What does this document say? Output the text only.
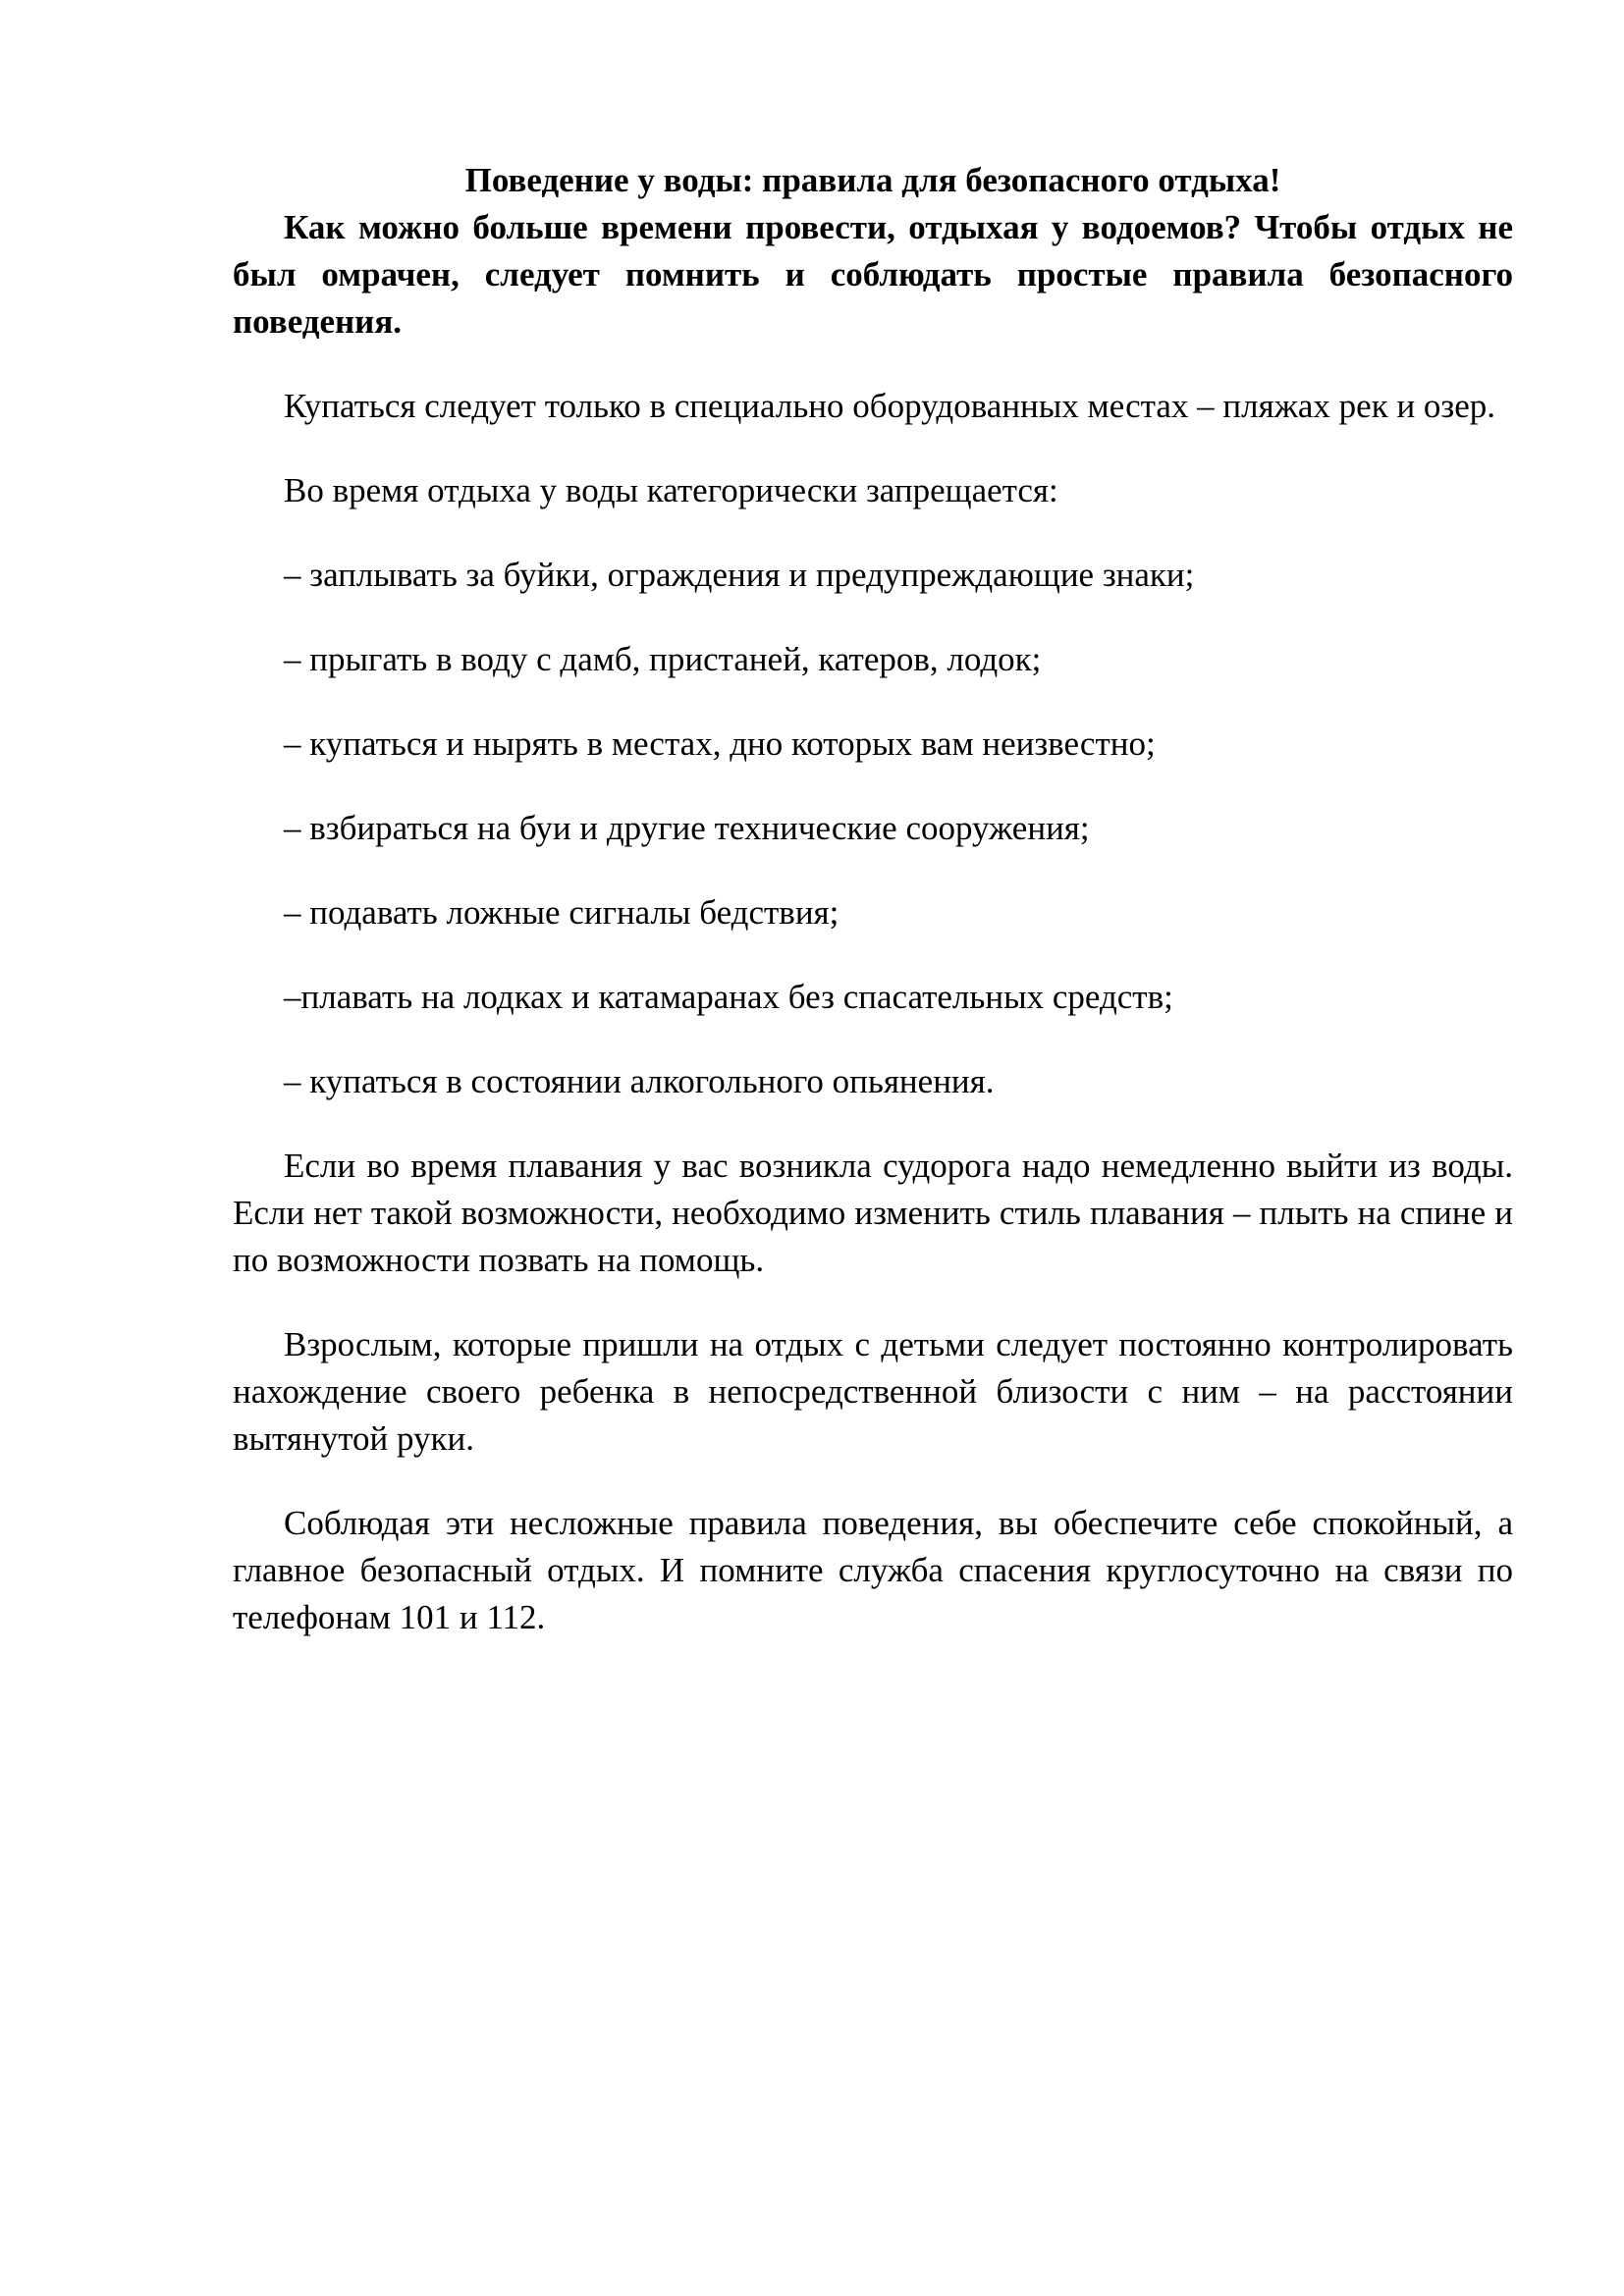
Поведение у воды: правила для безопасного отдыха!
Как можно больше времени провести, отдыхая у водоемов? Чтобы отдых не был омрачен, следует помнить и соблюдать простые правила безопасного поведения.
Купаться следует только в специально оборудованных местах – пляжах рек и озер.
Во время отдыха у воды категорически запрещается:
– заплывать за буйки, ограждения и предупреждающие знаки;
– прыгать в воду с дамб, пристаней, катеров, лодок;
– купаться и нырять в местах, дно которых вам неизвестно;
– взбираться на буи и другие технические сооружения;
– подавать ложные сигналы бедствия;
–плавать на лодках и катамаранах без спасательных средств;
– купаться в состоянии алкогольного опьянения.
Если во время плавания у вас возникла судорога надо немедленно выйти из воды. Если нет такой возможности, необходимо изменить стиль плавания – плыть на спине и по возможности позвать на помощь.
Взрослым, которые пришли на отдых с детьми следует постоянно контролировать нахождение своего ребенка в непосредственной близости с ним – на расстоянии вытянутой руки.
Соблюдая эти несложные правила поведения, вы обеспечите себе спокойный, а главное безопасный отдых. И помните служба спасения круглосуточно на связи по телефонам 101 и 112.
